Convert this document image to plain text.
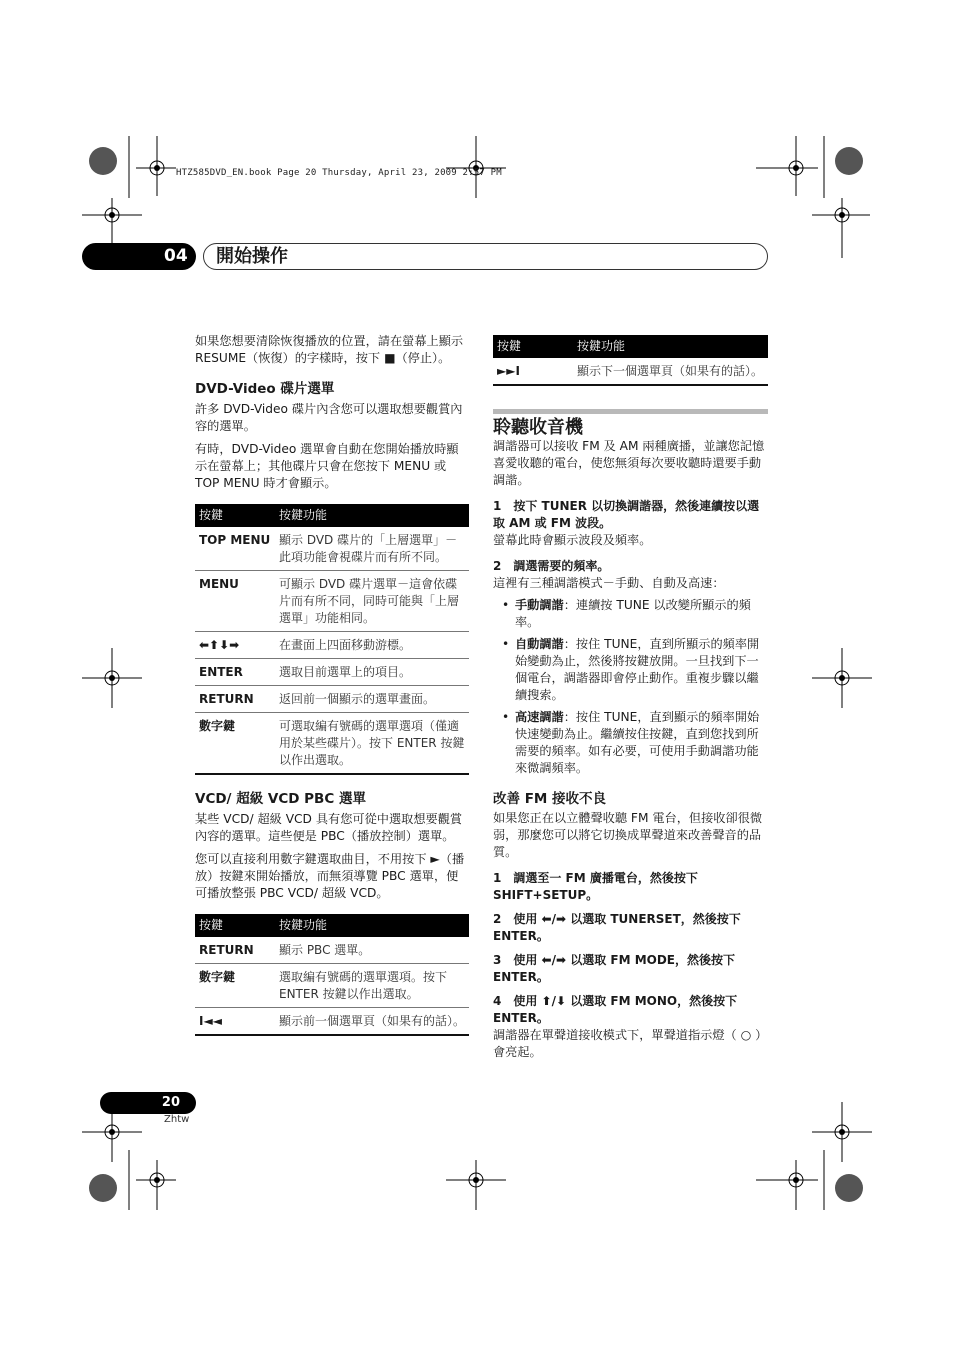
HTZ585DVD_EN.book Page 20 Thursday, April 23, 2009 2:57 PM
04	開始操作

如果您想要清除恢復播放的位置，請在螢幕上顯示 RESUME（恢復）的字樣時，按下 ■（停止）。

DVD-Video 碟片選單

許多 DVD-Video 碟片內含您可以選取想要觀賞內容的選單。

有時，DVD-Video 選單會自動在您開始播放時顯示在螢幕上；其他碟片只會在您按下 MENU 或 TOP MENU 時才會顯示。

按鍵	按鍵功能
TOP MENU	顯示 DVD 碟片的「上層選單」－ 此項功能會視碟片而有所不同。
MENU	可顯示 DVD 碟片選單－這會依碟片而有所不同，同時可能與「上層選單」功能相同。
⬅⬆⬇➡	在畫面上四面移動游標。
ENTER	選取目前選單上的項目。
RETURN	返回前一個顯示的選單畫面。
數字鍵	可選取編有號碼的選單選項（僅適用於某些碟片）。按下 ENTER 按鍵以作出選取。

VCD/ 超級 VCD PBC 選單

某些 VCD/ 超級 VCD 具有您可從中選取想要觀賞內容的選單。這些便是 PBC（播放控制）選單。

您可以直接利用數字鍵選取曲目，不用按下 ►（播放）按鍵來開始播放，而無須導覽 PBC 選單，便可播放整張 PBC VCD/ 超級 VCD。

按鍵	按鍵功能
RETURN	顯示 PBC 選單。
數字鍵	選取編有號碼的選單選項。按下 ENTER 按鍵以作出選取。
I◄◄	顯示前一個選單頁（如果有的話）。
按鍵	按鍵功能
►►I	顯示下一個選單頁（如果有的話）。

聆聽收音機

調諧器可以接收 FM 及 AM 兩種廣播，並讓您記憶喜愛收聽的電台，使您無須每次要收聽時還要手動調諧。

1　按下 TUNER 以切換調諧器，然後連續按以選取 AM 或 FM 波段。

螢幕此時會顯示波段及頻率。

2　調選需要的頻率。

這裡有三種調諧模式－手動、自動及高速：

• 手動調諧：連續按 TUNE 以改變所顯示的頻率。

• 自動調諧：按住 TUNE，直到所顯示的頻率開始變動為止，然後將按鍵放開。一旦找到下一個電台，調諧器即會停止動作。重複步驟以繼續搜索。

• 高速調諧：按住 TUNE，直到顯示的頻率開始快速變動為止。繼續按住按鍵，直到您找到所需要的頻率。如有必要，可使用手動調諧功能來微調頻率。

改善 FM 接收不良

如果您正在以立體聲收聽 FM 電台，但接收卻很微弱，那麼您可以將它切換成單聲道來改善聲音的品質。

1　調選至一 FM 廣播電台，然後按下 SHIFT+SETUP。

2　使用 ⬅/➡ 以選取 TUNERSET，然後按下 ENTER。

3　使用 ⬅/➡ 以選取 FM MODE，然後按下 ENTER。

4　使用 ⬆/⬇ 以選取 FM MONO，然後按下 ENTER。

調諧器在單聲道接收模式下，單聲道指示燈（ ○ ）會亮起。

20
Zhtw
